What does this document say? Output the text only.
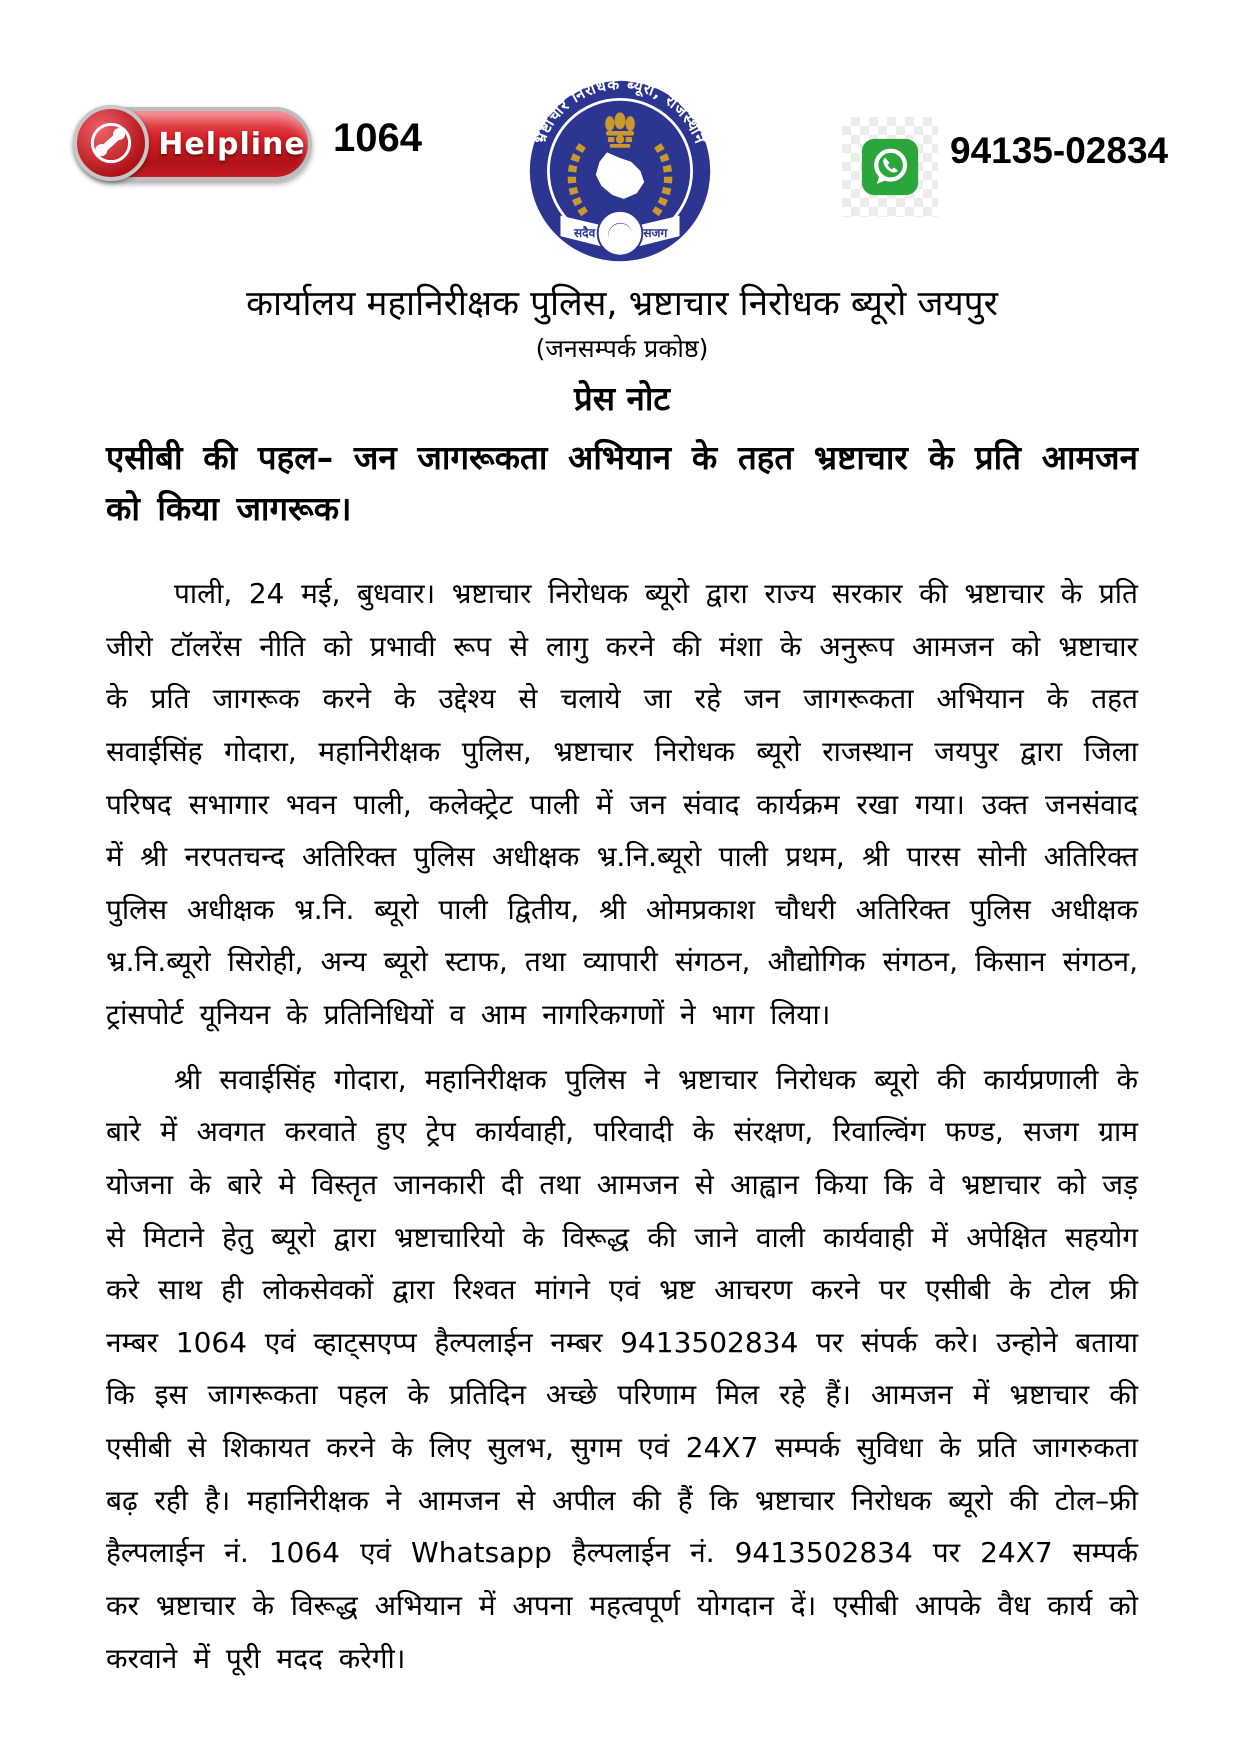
Helpline 1064	भ्रष्टाचार निरोधक ब्यूरो, राजस्थान
सदैव	सजग
94135-02834
कार्यालय महानिरीक्षक पुलिस, भ्रष्टाचार निरोधक ब्यूरो जयपुर
(जनसम्पर्क प्रकोष्ठ)
प्रेस नोट
एसीबी की पहल– जन जागरूकता अभियान के तहत भ्रष्टाचार के प्रति आमजन को किया जागरूक।

पाली, 24 मई, बुधवार। भ्रष्टाचार निरोधक ब्यूरो द्वारा राज्य सरकार की भ्रष्टाचार के प्रति जीरो टॉलरेंस नीति को प्रभावी रूप से लागु करने की मंशा के अनुरूप आमजन को भ्रष्टाचार के प्रति जागरूक करने के उद्देश्य से चलाये जा रहे जन जागरूकता अभियान के तहत सवाईसिंह गोदारा, महानिरीक्षक पुलिस, भ्रष्टाचार निरोधक ब्यूरो राजस्थान जयपुर द्वारा जिला परिषद सभागार भवन पाली, कलेक्ट्रेट पाली में जन संवाद कार्यक्रम रखा गया। उक्त जनसंवाद में श्री नरपतचन्द अतिरिक्त पुलिस अधीक्षक भ्र.नि.ब्यूरो पाली प्रथम, श्री पारस सोनी अतिरिक्त पुलिस अधीक्षक भ्र.नि. ब्यूरो पाली द्वितीय, श्री ओमप्रकाश चौधरी अतिरिक्त पुलिस अधीक्षक भ्र.नि.ब्यूरो सिरोही, अन्य ब्यूरो स्टाफ, तथा व्यापारी संगठन, औद्योगिक संगठन, किसान संगठन, ट्रांसपोर्ट यूनियन के प्रतिनिधियों व आम नागरिकगणों ने भाग लिया।

श्री सवाईसिंह गोदारा, महानिरीक्षक पुलिस ने भ्रष्टाचार निरोधक ब्यूरो की कार्यप्रणाली के बारे में अवगत करवाते हुए ट्रेप कार्यवाही, परिवादी के संरक्षण, रिवाल्विंग फण्ड, सजग ग्राम योजना के बारे मे विस्तृत जानकारी दी तथा आमजन से आह्वान किया कि वे भ्रष्टाचार को जड़ से मिटाने हेतु ब्यूरो द्वारा भ्रष्टाचारियो के विरूद्ध की जाने वाली कार्यवाही में अपेक्षित सहयोग करे साथ ही लोकसेवकों द्वारा रिश्वत मांगने एवं भ्रष्ट आचरण करने पर एसीबी के टोल फ्री नम्बर 1064 एवं व्हाट्सएप्प हैल्पलाईन नम्बर 9413502834 पर संपर्क करे। उन्होने बताया कि इस जागरूकता पहल के प्रतिदिन अच्छे परिणाम मिल रहे हैं। आमजन में भ्रष्टाचार की एसीबी से शिकायत करने के लिए सुलभ, सुगम एवं 24X7 सम्पर्क सुविधा के प्रति जागरुकता बढ़ रही है। महानिरीक्षक ने आमजन से अपील की हैं कि भ्रष्टाचार निरोधक ब्यूरो की टोल–फ्री हैल्पलाईन नं. 1064 एवं Whatsapp हैल्पलाईन नं. 9413502834 पर 24X7 सम्पर्क कर भ्रष्टाचार के विरूद्ध अभियान में अपना महत्वपूर्ण योगदान दें। एसीबी आपके वैध कार्य को करवाने में पूरी मदद करेगी।
